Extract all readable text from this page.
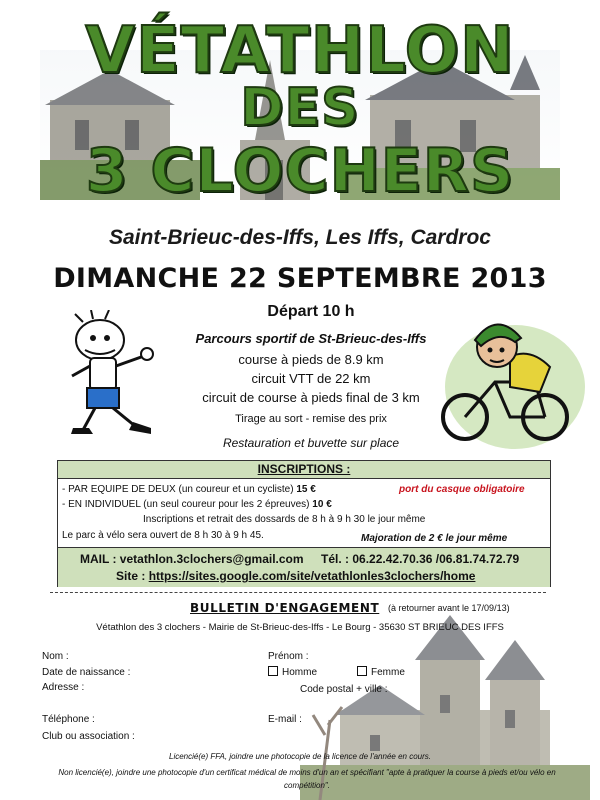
VÉTATHLON
DES
3 CLOCHERS
Saint-Brieuc-des-Iffs, Les Iffs, Cardroc
DIMANCHE 22 SEPTEMBRE 2013
Départ 10 h
Parcours sportif de St-Brieuc-des-Iffs
course à pieds de 8.9 km
circuit VTT de 22 km
circuit de course à pieds final de 3 km
Tirage au sort - remise des prix
Restauration et buvette sur place
INSCRIPTIONS :
- PAR EQUIPE DE DEUX (un coureur et un cycliste) 15 €	port du casque obligatoire
- EN INDIVIDUEL (un seul coureur pour les 2 épreuves) 10 €
Inscriptions et retrait des dossards de 8 h à 9 h 30 le jour même
Le parc à vélo sera ouvert de 8 h 30 à 9 h 45.	Majoration de 2 € le jour même
MAIL : vetathlon.3clochers@gmail.com Tél. : 06.22.42.70.36 /06.81.74.72.79
Site : https://sites.google.com/site/vetathlonles3clochers/home
BULLETIN D'ENGAGEMENT (à retourner avant le 17/09/13)
Vétathlon des 3 clochers - Mairie de St-Brieuc-des-Iffs - Le Bourg - 35630 ST BRIEUC DES IFFS
Nom :	Prénom :
Date de naissance :	Homme	Femme
Adresse :	Code postal + ville :
Téléphone :	E-mail :
Club ou association :
Licencié(e) FFA, joindre une photocopie de la licence de l'année en cours.
Non licencié(e), joindre une photocopie d'un certificat médical de moins d'un an et spécifiant "apte à pratiquer la course à pieds et/ou vélo en compétition".
